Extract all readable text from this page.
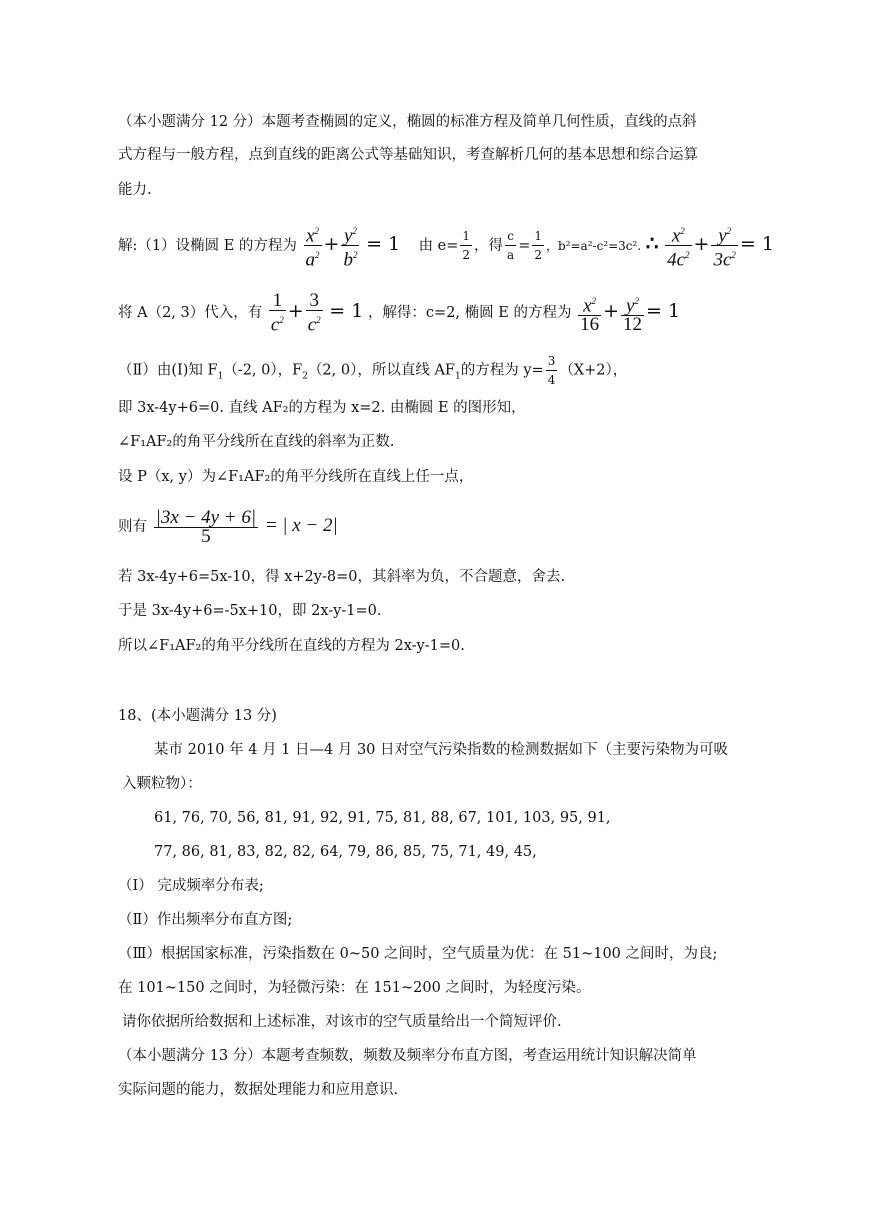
（本小题满分 12 分）本题考查椭圆的定义，椭圆的标准方程及简单几何性质，直线的点斜
式方程与一般方程，点到直线的距离公式等基础知识，考查解析几何的基本思想和综合运算
能力.
解:（1）设椭圆 E 的方程为 $\frac{x^2}{a^2} + \frac{y^2}{b^2} = 1$ 由 $e= \frac{1}{2}$ ，得 $\frac{c}{a} = \frac{1}{2}$ ，b²=a²-c²=3c². ∴ $\frac{x^2}{4c^2} + \frac{y^2}{3c^2} = 1$
将 A（2, 3）代入，有 $\frac{1}{c^2} + \frac{3}{c^2} = 1$ ，解得：c=2, 椭圆 E 的方程为 $\frac{x^2}{16} + \frac{y^2}{12} = 1$
（Ⅱ）由(Ⅰ)知 $F_1(-2$, 0），$F_2(2$, 0），所以直线 $AF_1$的方程为 $y= \frac{3}{4} (X+2)$，
即 3x-4y+6=0. 直线 AF₂的方程为 x=2. 由椭圆 E 的图形知，
∠F₁AF₂的角平分线所在直线的斜率为正数.
设 P（x, y）为∠F₁AF₂的角平分线所在直线上任一点，
则有 $\frac{|3x - 4y + 6|}{5}$ = | x − 2|
若 3x-4y+6=5x-10，得 x+2y-8=0，其斜率为负，不合题意，舍去.
于是 3x-4y+6=-5x+10，即 2x-y-1=0.
所以∠F₁AF₂的角平分线所在直线的方程为 2x-y-1=0.
18、(本小题满分 13 分)
某市 2010 年 4 月 1 日—4 月 30 日对空气污染指数的检测数据如下（主要污染物为可吸
入颗粒物）：
61, 76, 70, 56, 81, 91, 92, 91, 75, 81, 88, 67, 101, 103, 95, 91,
77, 86, 81, 83, 82, 82, 64, 79, 86, 85, 75, 71, 49, 45,
（Ⅰ） 完成频率分布表;
（Ⅱ）作出频率分布直方图;
（Ⅲ）根据国家标准，污染指数在 0~50 之间时，空气质量为优：在 51~100 之间时，为良;
在 101~150 之间时，为轻微污染：在 151~200 之间时，为轻度污染。
请你依据所给数据和上述标准，对该市的空气质量给出一个简短评价.
（本小题满分 13 分）本题考查频数，频数及频率分布直方图，考查运用统计知识解决简单
实际问题的能力，数据处理能力和应用意识.
